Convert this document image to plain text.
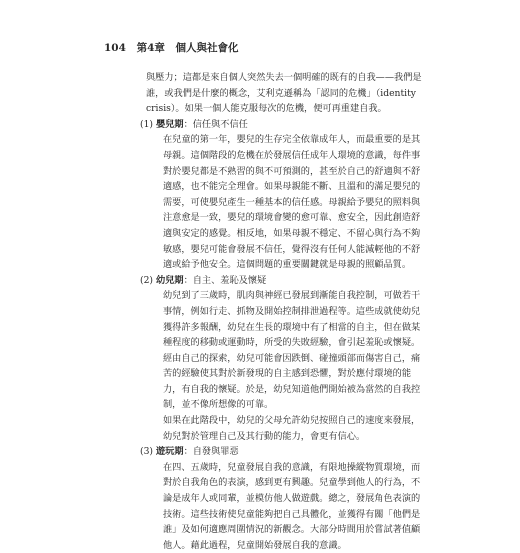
104 第4章 個人與社會化
與壓力；這都是來自個人突然失去一個明確的既有的自我——我們是
誰，或我們是什麼的概念，艾利克遜稱為「認同的危機」（identity
crisis）。如果一個人能克服每次的危機，便可再重建自我。
(1) 嬰兒期：信任與不信任
在兒童的第一年，嬰兒的生存完全依靠成年人，而最重要的是其
母親。這個階段的危機在於發展信任成年人環境的意識，每件事
對於嬰兒都是不熟習的與不可預測的，甚至於自己的舒適與不舒
適感，也不能完全理會。如果母親能不斷、且溫和的滿足嬰兒的
需要，可使嬰兒產生一種基本的信任感。母親給予嬰兒的照料與
注意愈是一致，嬰兒的環境會變的愈可靠、愈安全，因此創造舒
適與安定的感覺。相反地，如果母親不穩定、不留心與行為不夠
敏感，嬰兒可能會發展不信任，覺得沒有任何人能減輕他的不舒
適或給予他安全。這個問題的重要關鍵就是母親的照顧品質。
(2) 幼兒期：自主、羞恥及懷疑
幼兒到了三歲時，肌肉與神經已發展到漸能自我控制，可做若干
事情，例如行走、抓物及開始控制排泄過程等。這些成就使幼兒
獲得許多報酬，幼兒在生長的環境中有了相當的自主，但在做某
種程度的移動或運動時，所受的失敗經驗，會引起羞恥或懷疑。
經由自己的探索，幼兒可能會因跌倒、碰撞頭部而傷害自己，痛
苦的經驗使其對於新發現的自主感到恐懼，對於應付環境的能
力，有自我的懷疑。於是，幼兒知道他們開始被為當然的自我控
制，並不像所想像的可靠。
如果在此階段中，幼兒的父母允許幼兒按照自己的速度來發展，
幼兒對於管理自己及其行動的能力，會更有信心。
(3) 遊玩期：自發與罪惡
在四、五歲時，兒童發展自我的意識，有限地操縱物質環境，而
對於自我角色的表演，感到更有興趣。兒童學到他人的行為，不
論是成年人或同輩，並模仿他人做遊戲。總之，發展角色表演的
技術。這些技術使兒童能夠把自己具體化，並獲得有關「他們是
誰」及如何適應周圍情況的新觀念。大部分時間用於嘗試著值顧
他人。藉此過程，兒童開始發展自我的意識。
